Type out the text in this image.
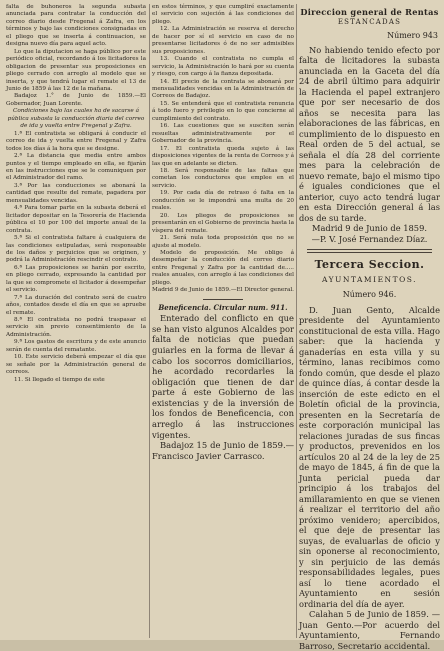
falta de buhoneros la segunda subasta anunciada para contratar la conducción del correo diario desde Fregenal á Zafra, en los términos y bajo las condiciones consignadas en el pliego que se inserta á continuacion, se designa nuevo día para aquel acto.

Lo que la diputacion se haga público por este periódico oficial, recordando á los licitadores la obligacion de presentar sus proposiciones en pliego cerrado con arreglo al modelo que se inserta, y que tendrá lugar el remate el 13 de Junio de 1859 á las 12 de la mañana.

Badajoz 1.° de Junio de 1859.—El Gobernador, Juan Lorente.

Condiciones bajo las cuales ha de sacarse á pública subasta la conducción diaria del correo de ida y vuelta entre Fregenal y Zafra.

1.ª El contratista se obligará á conducir el correo de ida y vuelta entre Fregenal y Zafra todos los días á la hora que se designe.

2.ª La distancia que media entre ambos puntos y el tiempo empleado en ella, se fijarán en las instrucciones que se le comuniquen por el Administrador del ramo.

3.ª Por las conducciones se abonará la cantidad que resulte del remate, pagadera por mensualidades vencidas.

4.ª Para tomar parte en la subasta deberá el licitador depositar en la Tesorería de Hacienda pública el 10 por 100 del importe anual de la contrata.

5.ª Si el contratista faltare á cualquiera de las condiciones estipuladas, será responsable de los daños y perjuicios que se originen, y podrá la Administración rescindir el contrato.

6.ª Las proposiciones se harán por escrito, en pliego cerrado, expresando la cantidad por la que se compromete el licitador á desempeñar el servicio.

7.ª La duración del contrato será de cuatro años, contados desde el día en que se apruebe el remate.

8.ª El contratista no podrá traspasar el servicio sin previo consentimiento de la Administración.

9.ª Los gastos de escritura y de este anuncio serán de cuenta del rematante.

10. Este servicio deberá empezar el día que se señale por la Administración general de correos.

11. Si llegado el tiempo de este

en estos términos, y que cumpliré exactamente el servicio con sujeción á las condiciones del pliego.

12. La Administración se reserva el derecho de hacer por sí el servicio en caso de no presentarse licitadores ó de no ser admisibles sus proposiciones.

13. Cuando el contratista no cumpla el servicio, la Administración lo hará por su cuenta y riesgo, con cargo á la fianza depositada.

14. El precio de la contrata se abonará por mensualidades vencidas en la Administración de Correos de Badajoz.

15. Se entenderá que el contratista renuncia á todo fuero y privilegio en lo que concierne al cumplimiento del contrato.

16. Las cuestiones que se susciten serán resueltas administrativamente por el Gobernador de la provincia.

17. El contratista queda sujeto á las disposiciones vigentes de la renta de Correos y á las que en adelante se dicten.

18. Será responsable de las faltas que cometan los conductores que emplee en el servicio.

19. Por cada día de retraso ó falta en la conducción se le impondrá una multa de 20 reales.

20. Los pliegos de proposiciones se presentarán en el Gobierno de provincia hasta la víspera del remate.

21. Será nula toda proposición que no se ajuste al modelo.

Modelo de proposición. Me obligo á desempeñar la conducción del correo diario entre Fregenal y Zafra por la cantidad de..... reales anuales, con arreglo á las condiciones del pliego.

Madrid 9 de Junio de 1859.—El Director general.

Beneficencia. Circular num. 911.

Enterado del conflicto en que se han visto algunos Alcaldes por falta de noticias que puedan guiarles en la forma de llevar á cabo los socorros domiciliarios, he acordado recordarles la obligación que tienen de dar parte á este Gobierno de las existencias y de la inversión de los fondos de Beneficencia, con arreglo á las instrucciones vigentes.

Badajoz 15 de Junio de 1859.—Francisco Javier Carrasco.

Direccion general de Rentas
ESTANCADAS
Número 943

No habiendo tenido efecto por falta de licitadores la subasta anunciada en la Gaceta del día 24 de abril último para adquirir la Hacienda el papel extranjero que por ser necesario de dos años se necesita para las elaboraciones de las fábricas, en cumplimiento de lo dispuesto en Real orden de 5 del actual, se señala el día 28 del corriente mes para la celebración de nuevo remate, bajo el mismo tipo é iguales condiciones que el anterior, cuyo acto tendrá lugar en esta Dirección general á las dos de su tarde.

Madrid 9 de Junio de 1859.

—P. V. José Fernandez Díaz.

Tercera Seccion.
AYUNTAMIENTOS.
Número 946.

D. Juan Gento, Alcalde presidente del Ayuntamiento constitucional de esta villa. Hago saber: que la hacienda y ganaderías en esta villa y su término, lanas recibimos como fondo común, que desde el plazo de quince días, á contar desde la inserción de este edicto en el Boletín oficial de la provincia, presenten en la Secretaría de este corporación municipal las relaciones juradas de sus fincas y productos, prevenidos en los artículos 20 al 24 de la ley de 25 de mayo de 1845, á fin de que la Junta pericial pueda dar principio á los trabajos del amillaramiento en que se vienen á realizar el territorio del año próximo venidero; apercibidos, el que deje de presentar las suyas, de evaluarlas de oficio y sin oponerse al reconocimiento, y sin perjuicio de las demás responsabilidades legales, pues así lo tiene acordado el Ayuntamiento en sesión ordinaria del día de ayer.

Calahan 5 de Junio de 1859. —Juan Gento.—Por acuerdo del Ayuntamiento, Fernando Barroso, Secretario accidental.
